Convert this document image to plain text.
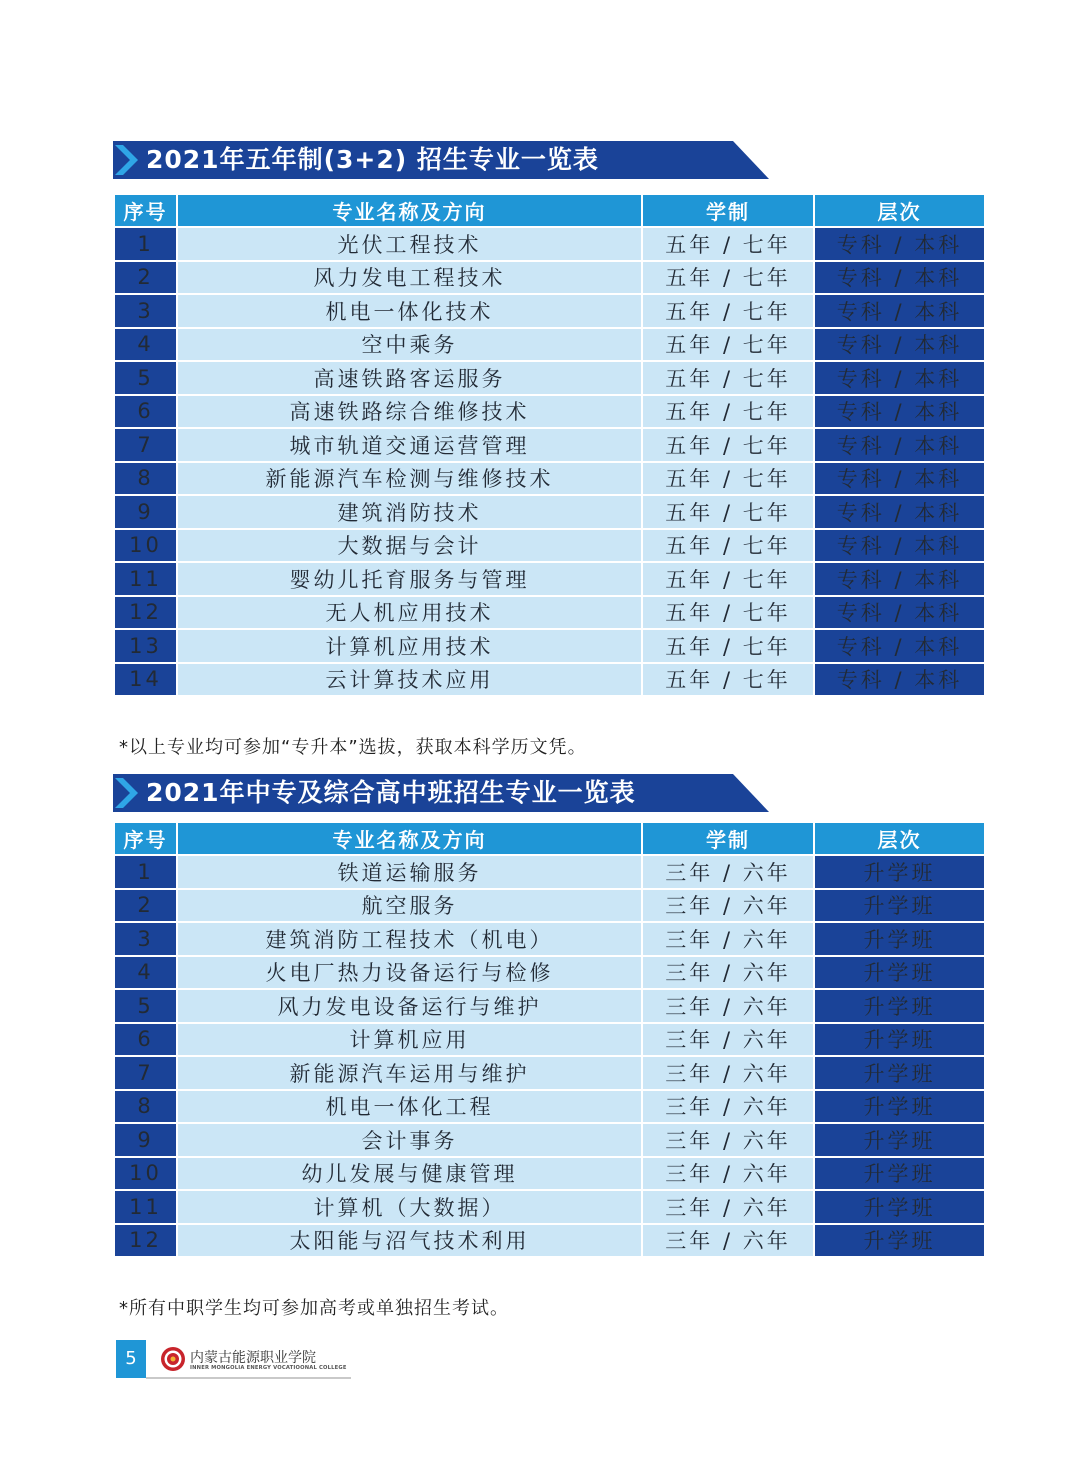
2021年五年制(3+2) 招生专业一览表
序号	专业名称及方向	学制	层次
1	光伏工程技术	五年 / 七年	专科 / 本科
2	风力发电工程技术	五年 / 七年	专科 / 本科
3	机电一体化技术	五年 / 七年	专科 / 本科
4	空中乘务	五年 / 七年	专科 / 本科
5	高速铁路客运服务	五年 / 七年	专科 / 本科
6	高速铁路综合维修技术	五年 / 七年	专科 / 本科
7	城市轨道交通运营管理	五年 / 七年	专科 / 本科
8	新能源汽车检测与维修技术	五年 / 七年	专科 / 本科
9	建筑消防技术	五年 / 七年	专科 / 本科
10	大数据与会计	五年 / 七年	专科 / 本科
11	婴幼儿托育服务与管理	五年 / 七年	专科 / 本科
12	无人机应用技术	五年 / 七年	专科 / 本科
13	计算机应用技术	五年 / 七年	专科 / 本科
14	云计算技术应用	五年 / 七年	专科 / 本科
*以上专业均可参加“专升本”选拔，获取本科学历文凭。
2021年中专及综合高中班招生专业一览表
序号	专业名称及方向	学制	层次
1	铁道运输服务	三年 / 六年	升学班
2	航空服务	三年 / 六年	升学班
3	建筑消防工程技术（机电）	三年 / 六年	升学班
4	火电厂热力设备运行与检修	三年 / 六年	升学班
5	风力发电设备运行与维护	三年 / 六年	升学班
6	计算机应用	三年 / 六年	升学班
7	新能源汽车运用与维护	三年 / 六年	升学班
8	机电一体化工程	三年 / 六年	升学班
9	会计事务	三年 / 六年	升学班
10	幼儿发展与健康管理	三年 / 六年	升学班
11	计算机（大数据）	三年 / 六年	升学班
12	太阳能与沼气技术利用	三年 / 六年	升学班
*所有中职学生均可参加高考或单独招生考试。
5	内蒙古能源职业学院
INNER MONGOLIA ENERGY VOCATIOONAL COLLEGE
